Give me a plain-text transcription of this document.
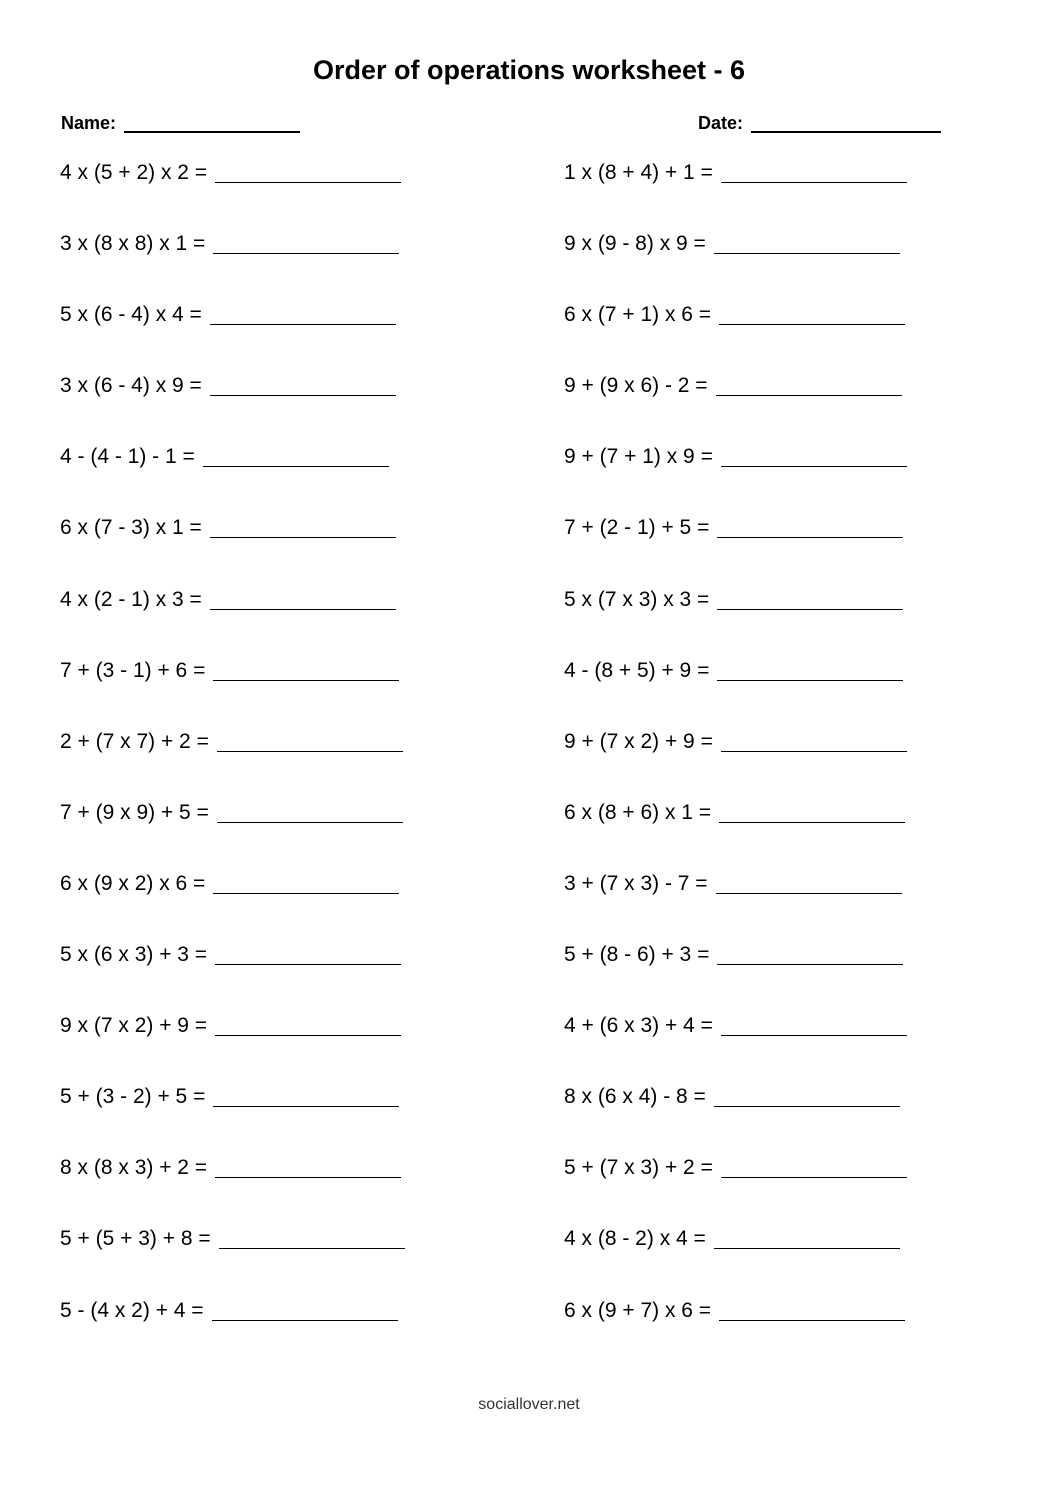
Order of operations worksheet - 6
Name:	Date:
4 x (5 + 2) x 2 =
3 x (8 x 8) x 1 =
5 x (6 - 4) x 4 =
3 x (6 - 4) x 9 =
4 - (4 - 1) - 1 =
6 x (7 - 3) x 1 =
4 x (2 - 1) x 3 =
7 + (3 - 1) + 6 =
2 + (7 x 7) + 2 =
7 + (9 x 9) + 5 =
6 x (9 x 2) x 6 =
5 x (6 x 3) + 3 =
9 x (7 x 2) + 9 =
5 + (3 - 2) + 5 =
8 x (8 x 3) + 2 =
5 + (5 + 3) + 8 =
5 - (4 x 2) + 4 =
1 x (8 + 4) + 1 =
9 x (9 - 8) x 9 =
6 x (7 + 1) x 6 =
9 + (9 x 6) - 2 =
9 + (7 + 1) x 9 =
7 + (2 - 1) + 5 =
5 x (7 x 3) x 3 =
4 - (8 + 5) + 9 =
9 + (7 x 2) + 9 =
6 x (8 + 6) x 1 =
3 + (7 x 3) - 7 =
5 + (8 - 6) + 3 =
4 + (6 x 3) + 4 =
8 x (6 x 4) - 8 =
5 + (7 x 3) + 2 =
4 x (8 - 2) x 4 =
6 x (9 + 7) x 6 =
sociallover.net
